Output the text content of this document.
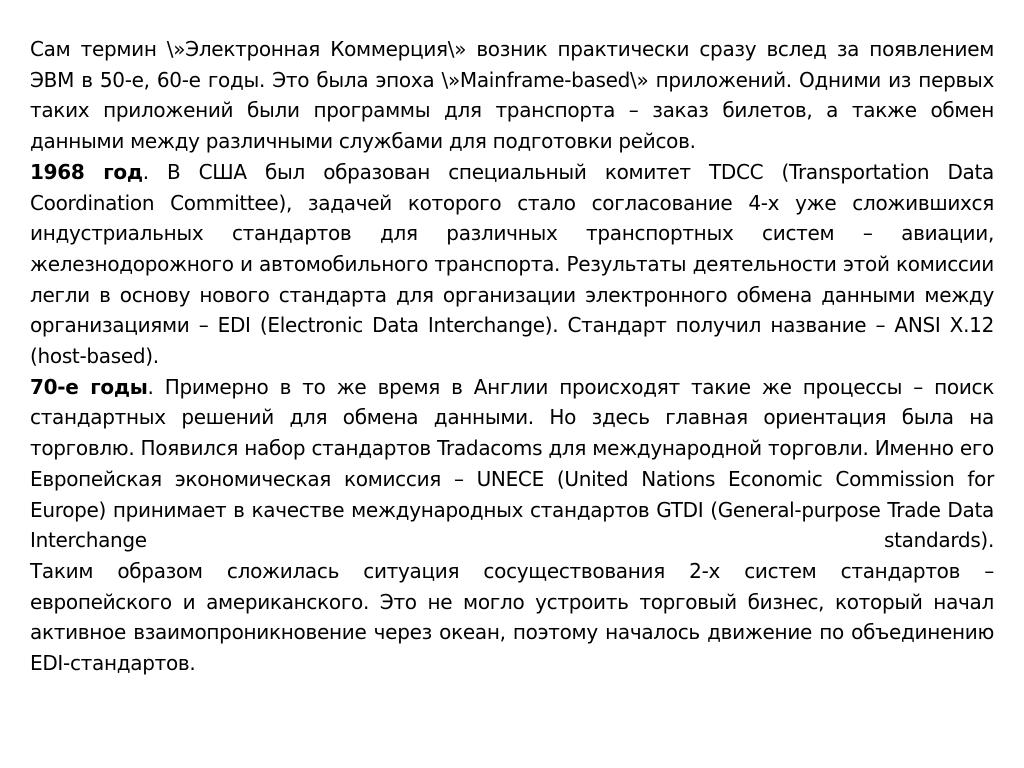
Сам термин \»Электронная Коммерция\» возник практически сразу вслед за появлением ЭВМ в 50-е, 60-е годы. Это была эпоха \»Mainframe-based\» приложений. Одними из первых таких приложений были программы для транспорта – заказ билетов, а также обмен данными между различными службами для подготовки рейсов.

1968 год. В США был образован специальный комитет TDCC (Transportation Data Coordination Committee), задачей которого стало согласование 4-х уже сложившихся индустриальных стандартов для различных транспортных систем – авиации, железнодорожного и автомобильного транспорта. Результаты деятельности этой комиссии легли в основу нового стандарта для организации электронного обмена данными между организациями – EDI (Electronic Data Interchange). Стандарт получил название – ANSI X.12 (host-based).

70-е годы. Примерно в то же время в Англии происходят такие же процессы – поиск стандартных решений для обмена данными. Но здесь главная ориентация была на торговлю. Появился набор стандартов Tradacoms для международной торговли. Именно его Европейская экономическая комиссия – UNECE (United Nations Economic Commission for Europe) принимает в качестве международных стандартов GTDI (General-purpose Trade Data Interchange standards).

Таким образом сложилась ситуация сосуществования 2-х систем стандартов – европейского и американского. Это не могло устроить торговый бизнес, который начал активное взаимопроникновение через океан, поэтому началось движение по объединению EDI-стандартов.
